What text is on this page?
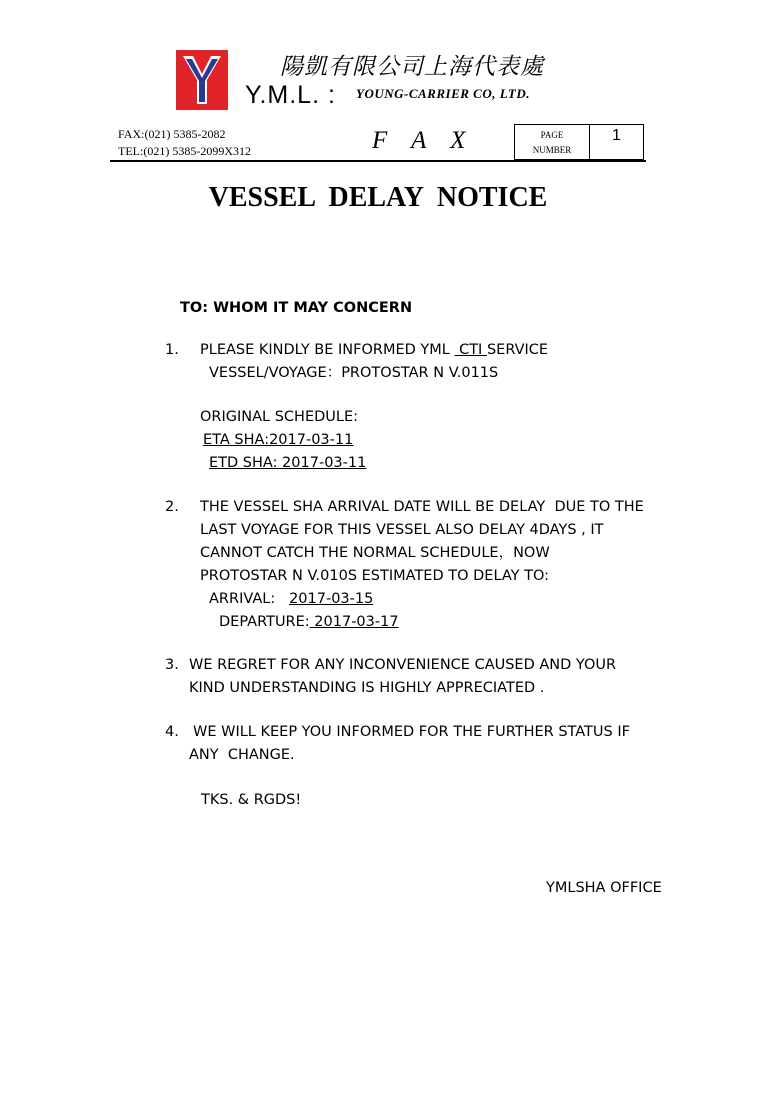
陽凱有限公司上海代表處
Y.M.L. : YOUNG-CARRIER CO, LTD.
FAX:(021) 5385-2082
TEL:(021) 5385-2099X312	F A X	PAGE
NUMBER
1
VESSEL  DELAY  NOTICE
TO: WHOM IT MAY CONCERN
1. PLEASE KINDLY BE INFORMED YML  CTI SERVICE
VESSEL/VOYAGE：PROTOSTAR N V.011S
ORIGINAL SCHEDULE:
ETA SHA:2017-03-11
ETD SHA: 2017-03-11
2. THE VESSEL SHA ARRIVAL DATE WILL BE DELAY  DUE TO THE
LAST VOYAGE FOR THIS VESSEL ALSO DELAY 4DAYS , IT
CANNOT CATCH THE NORMAL SCHEDULE，NOW
PROTOSTAR N V.010S ESTIMATED TO DELAY TO:
ARRIVAL:   2017-03-15
DEPARTURE: 2017-03-17
3. WE REGRET FOR ANY INCONVENIENCE CAUSED AND YOUR
KIND UNDERSTANDING IS HIGHLY APPRECIATED .
4. WE WILL KEEP YOU INFORMED FOR THE FURTHER STATUS IF
ANY  CHANGE.
TKS. & RGDS!
YMLSHA OFFICE
